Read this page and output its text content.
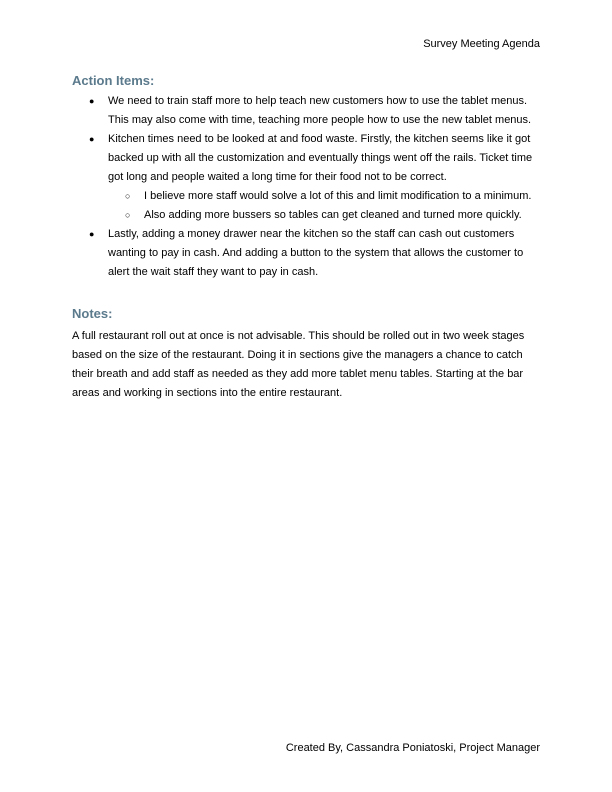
Survey Meeting Agenda
Action Items:
● We need to train staff more to help teach new customers how to use the tablet menus. This may also come with time, teaching more people how to use the new tablet menus.
● Kitchen times need to be looked at and food waste. Firstly, the kitchen seems like it got backed up with all the customization and eventually things went off the rails. Ticket time got long and people waited a long time for their food not to be correct.
○ I believe more staff would solve a lot of this and limit modification to a minimum.
○ Also adding more bussers so tables can get cleaned and turned more quickly.
● Lastly, adding a money drawer near the kitchen so the staff can cash out customers wanting to pay in cash. And adding a button to the system that allows the customer to alert the wait staff they want to pay in cash.
Notes:

A full restaurant roll out at once is not advisable. This should be rolled out in two week stages based on the size of the restaurant. Doing it in sections give the managers a chance to catch their breath and add staff as needed as they add more tablet menu tables. Starting at the bar areas and working in sections into the entire restaurant.

Created By, Cassandra Poniatoski, Project Manager
